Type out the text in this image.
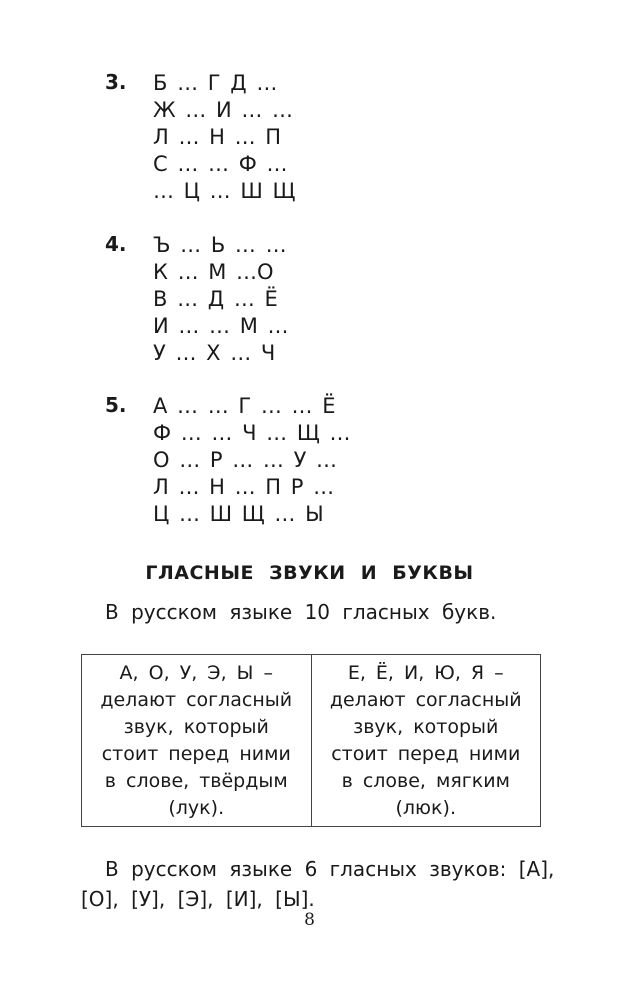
3. Б … Г Д …
Ж … И … …
Л … Н … П
С … … Ф …
… Ц … Ш Щ
4. Ъ … Ь … …
К … М …О
В … Д … Ё
И … … М …
У … Х … Ч
5. А … … Г … … Ё
Ф … … Ч … Щ …
О … Р … … У …
Л … Н … П Р …
Ц … Ш Щ … Ы
ГЛАСНЫЕ ЗВУКИ И БУКВЫ
В русском языке 10 гласных букв.
А, О, У, Э, Ы –
делают согласный
звук, который
стоит перед ними
в слове, твёрдым
(лук).
Е, Ё, И, Ю, Я –
делают согласный
звук, который
стоит перед ними
в слове, мягким
(люк).
В русском языке 6 гласных звуков: [А],
[О], [У], [Э], [И], [Ы].
8
